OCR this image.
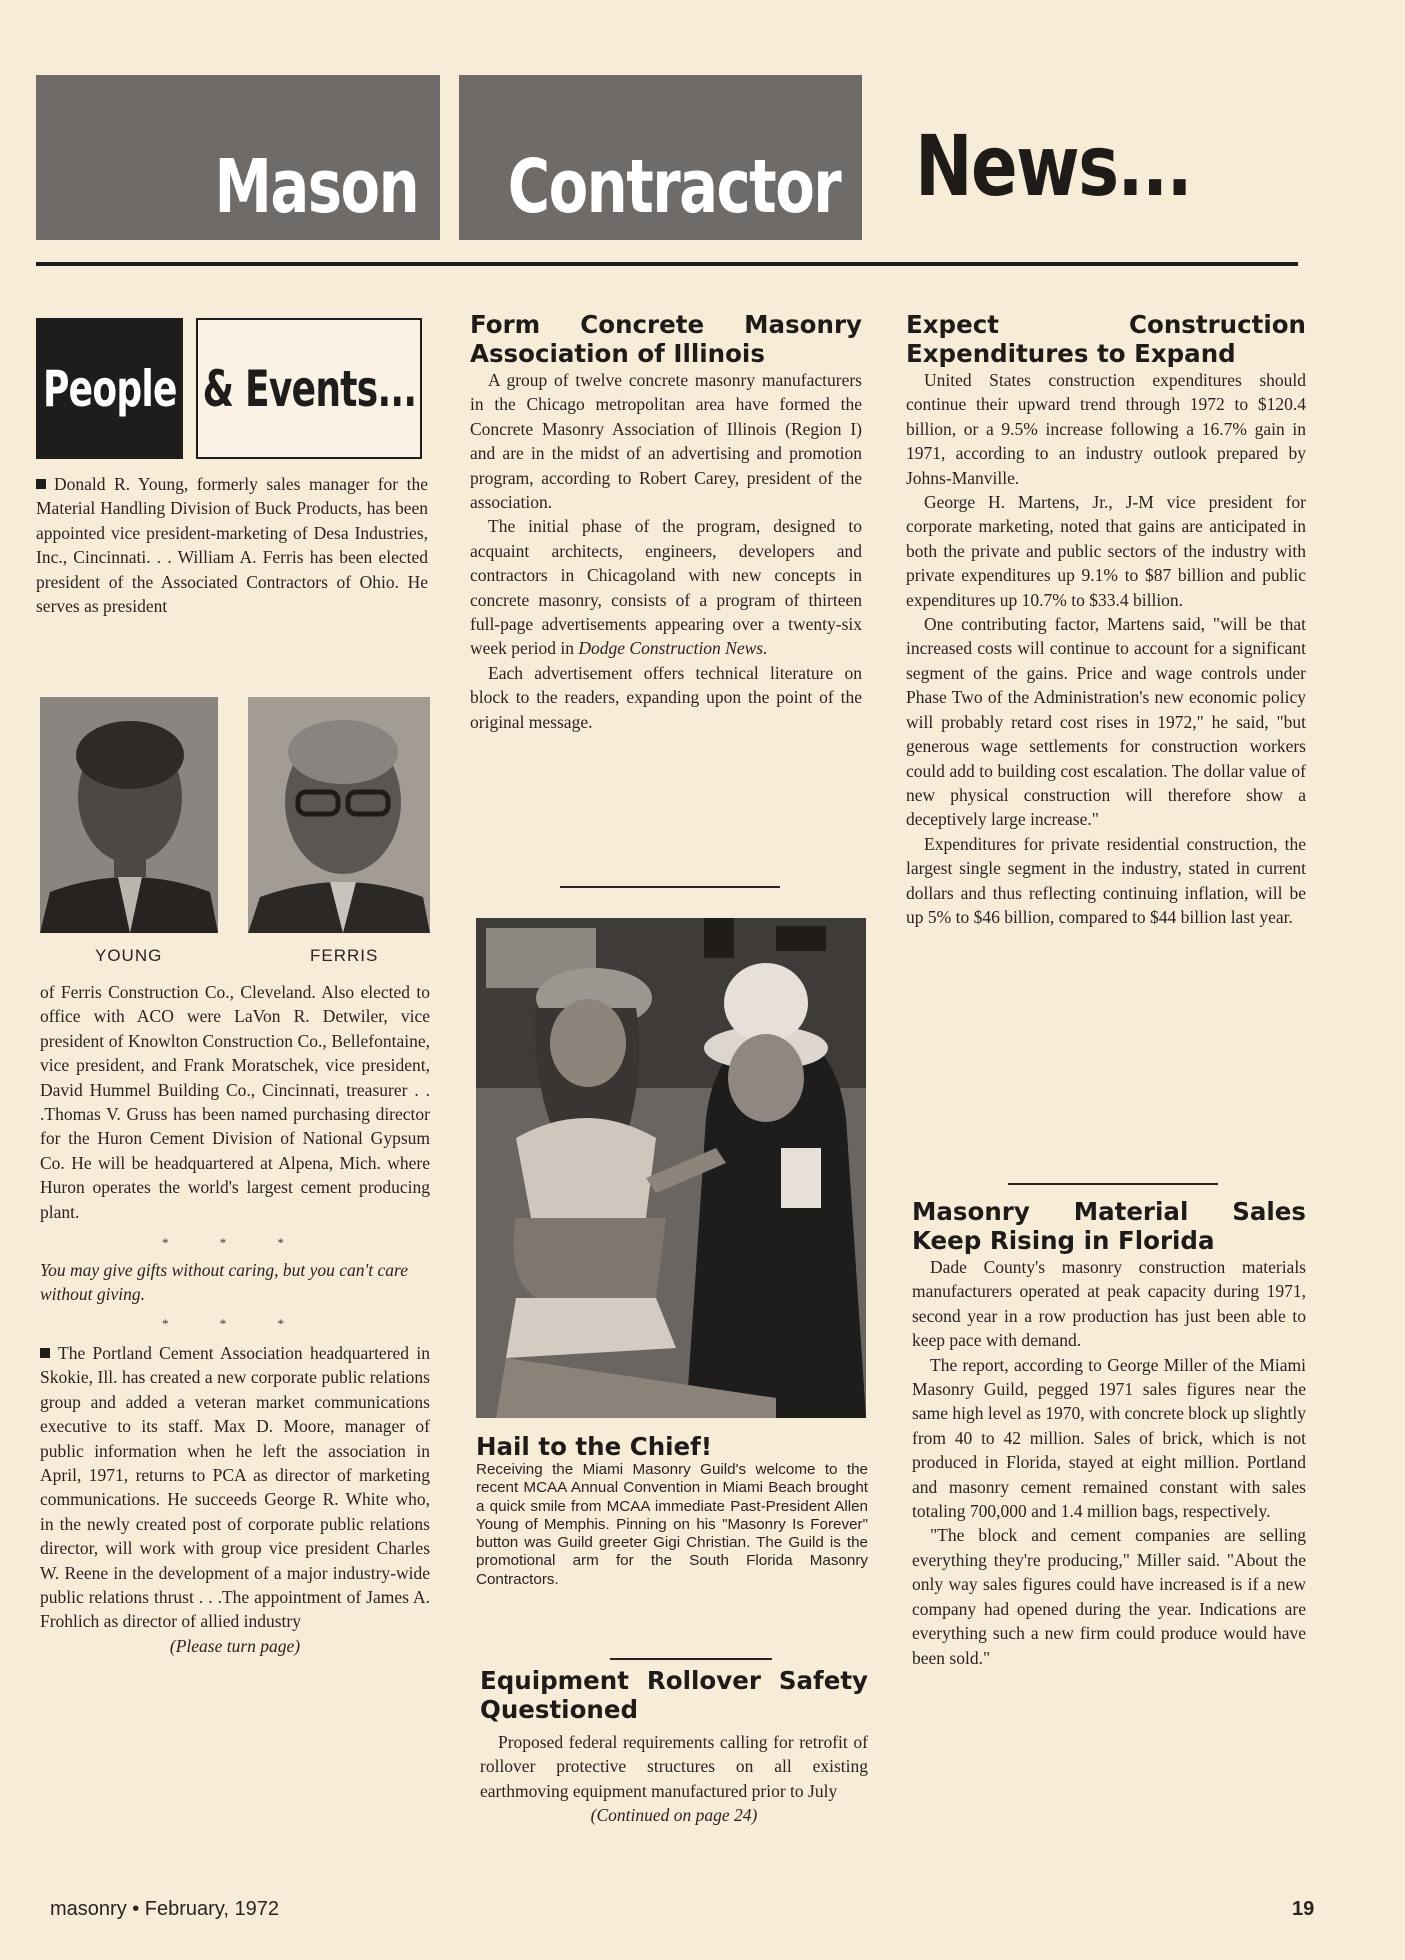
Mason Contractor News...
People & Events...

Donald R. Young, formerly sales manager for the Material Handling Division of Buck Products, has been appointed vice president-marketing of Desa Industries, Inc., Cincinnati. . . William A. Ferris has been elected president of the Associated Contractors of Ohio. He serves as president

YOUNG	FERRIS

of Ferris Construction Co., Cleveland. Also elected to office with ACO were LaVon R. Detwiler, vice president of Knowlton Construction Co., Bellefontaine, vice president, and Frank Moratschek, vice president, David Hummel Building Co., Cincinnati, treasurer . . .Thomas V. Gruss has been named purchasing director for the Huron Cement Division of National Gypsum Co. He will be headquartered at Alpena, Mich. where Huron operates the world's largest cement producing plant.

* * *

You may give gifts without caring, but you can't care without giving.

* * *

The Portland Cement Association headquartered in Skokie, Ill. has created a new corporate public relations group and added a veteran market communications executive to its staff. Max D. Moore, manager of public information when he left the association in April, 1971, returns to PCA as director of marketing communications. He succeeds George R. White who, in the newly created post of corporate public relations director, will work with group vice president Charles W. Reene in the development of a major industry-wide public relations thrust . . .The appointment of James A. Frohlich as director of allied industry

(Please turn page)

Form Concrete Masonry Association of Illinois

A group of twelve concrete masonry manufacturers in the Chicago metropolitan area have formed the Concrete Masonry Association of Illinois (Region I) and are in the midst of an advertising and promotion program, according to Robert Carey, president of the association.

The initial phase of the program, designed to acquaint architects, engineers, developers and contractors in Chicagoland with new concepts in concrete masonry, consists of a program of thirteen full-page advertisements appearing over a twenty-six week period in Dodge Construction News.

Each advertisement offers technical literature on block to the readers, expanding upon the point of the original message.

Hail to the Chief!

Receiving the Miami Masonry Guild's welcome to the recent MCAA Annual Convention in Miami Beach brought a quick smile from MCAA immediate Past-President Allen Young of Memphis. Pinning on his "Masonry Is Forever" button was Guild greeter Gigi Christian. The Guild is the promotional arm for the South Florida Masonry Contractors.

Equipment Rollover Safety Questioned

Proposed federal requirements calling for retrofit of rollover protective structures on all existing earthmoving equipment manufactured prior to July

(Continued on page 24)

Expect Construction Expenditures to Expand

United States construction expenditures should continue their upward trend through 1972 to $120.4 billion, or a 9.5% increase following a 16.7% gain in 1971, according to an industry outlook prepared by Johns-Manville.

George H. Martens, Jr., J-M vice president for corporate marketing, noted that gains are anticipated in both the private and public sectors of the industry with private expenditures up 9.1% to $87 billion and public expenditures up 10.7% to $33.4 billion.

One contributing factor, Martens said, "will be that increased costs will continue to account for a significant segment of the gains. Price and wage controls under Phase Two of the Administration's new economic policy will probably retard cost rises in 1972," he said, "but generous wage settlements for construction workers could add to building cost escalation. The dollar value of new physical construction will therefore show a deceptively large increase."

Expenditures for private residential construction, the largest single segment in the industry, stated in current dollars and thus reflecting continuing inflation, will be up 5% to $46 billion, compared to $44 billion last year.

Masonry Material Sales Keep Rising in Florida

Dade County's masonry construction materials manufacturers operated at peak capacity during 1971, second year in a row production has just been able to keep pace with demand.

The report, according to George Miller of the Miami Masonry Guild, pegged 1971 sales figures near the same high level as 1970, with concrete block up slightly from 40 to 42 million. Sales of brick, which is not produced in Florida, stayed at eight million. Portland and masonry cement remained constant with sales totaling 700,000 and 1.4 million bags, respectively.

"The block and cement companies are selling everything they're producing," Miller said. "About the only way sales figures could have increased is if a new company had opened during the year. Indications are everything such a new firm could produce would have been sold."

masonry • February, 1972	19
